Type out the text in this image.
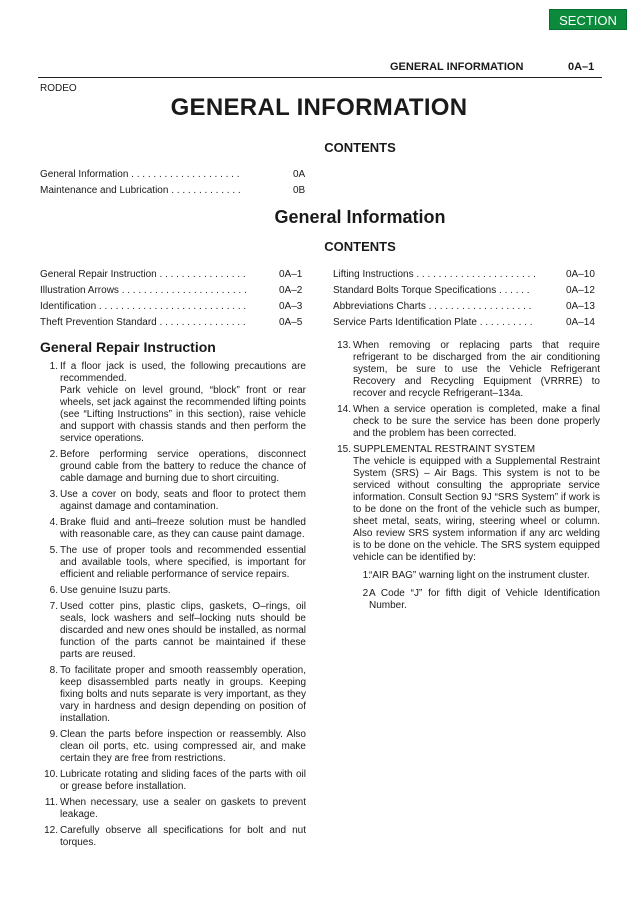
SECTION
GENERAL INFORMATION	0A–1
RODEO
GENERAL INFORMATION
CONTENTS
General Information . . . . . . . . . . . . . . . . . . . .	0A
Maintenance and Lubrication . . . . . . . . . . . . .	0B
General Information
CONTENTS
General Repair Instruction . . . . . . . . . . . . . . . .	0A–1
Illustration Arrows . . . . . . . . . . . . . . . . . . . . . . .	0A–2
Identification . . . . . . . . . . . . . . . . . . . . . . . . . . .	0A–3
Theft Prevention Standard . . . . . . . . . . . . . . . .	0A–5
Lifting Instructions . . . . . . . . . . . . . . . . . . . . . .	0A–10
Standard Bolts Torque Specifications . . . . . .	0A–12
Abbreviations Charts . . . . . . . . . . . . . . . . . . .	0A–13
Service Parts Identification Plate . . . . . . . . . .	0A–14
General Repair Instruction
1. If a floor jack is used, the following precautions are recommended.

Park vehicle on level ground, “block” front or rear wheels, set jack against the recommended lifting points (see “Lifting Instructions” in this section), raise vehicle and support with chassis stands and then perform the service operations.

2. Before performing service operations, disconnect ground cable from the battery to reduce the chance of cable damage and burning due to short circuiting.

3. Use a cover on body, seats and floor to protect them against damage and contamination.

4. Brake fluid and anti–freeze solution must be handled with reasonable care, as they can cause paint damage.

5. The use of proper tools and recommended essential and available tools, where specified, is important for efficient and reliable performance of service repairs.

6. Use genuine Isuzu parts.

7. Used cotter pins, plastic clips, gaskets, O–rings, oil seals, lock washers and self–locking nuts should be discarded and new ones should be installed, as normal function of the parts cannot be maintained if these parts are reused.

8. To facilitate proper and smooth reassembly operation, keep disassembled parts neatly in groups. Keeping fixing bolts and nuts separate is very important, as they vary in hardness and design depending on position of installation.

9. Clean the parts before inspection or reassembly. Also clean oil ports, etc. using compressed air, and make certain they are free from restrictions.

10. Lubricate rotating and sliding faces of the parts with oil or grease before installation.

11. When necessary, use a sealer on gaskets to prevent leakage.

12. Carefully observe all specifications for bolt and nut torques.

13. When removing or replacing parts that require refrigerant to be discharged from the air conditioning system, be sure to use the Vehicle Refrigerant Recovery and Recycling Equipment (VRRRE) to recover and recycle Refrigerant–134a.

14. When a service operation is completed, make a final check to be sure the service has been done properly and the problem has been corrected.

15. SUPPLEMENTAL RESTRAINT SYSTEM

The vehicle is equipped with a Supplemental Restraint System (SRS) – Air Bags. This system is not to be serviced without consulting the appropriate service information. Consult Section 9J “SRS System” if work is to be done on the front of the vehicle such as bumper, sheet metal, seats, wiring, steering wheel or column. Also review SRS system information if any arc welding is to be done on the vehicle. The SRS system equipped vehicle can be identified by:

1.

“AIR BAG” warning light on the instrument cluster.

2.

A Code “J” for fifth digit of Vehicle Identification Number.
